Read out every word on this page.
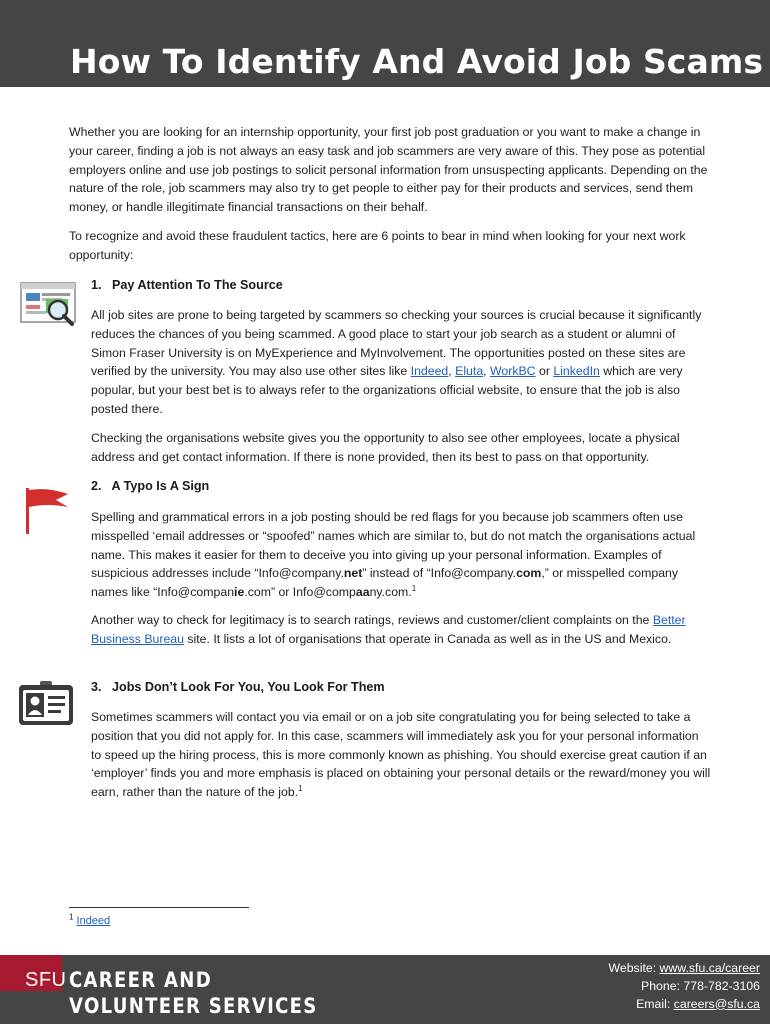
How To Identify And Avoid Job Scams

Whether you are looking for an internship opportunity, your first job post graduation or you want to make a change in your career, finding a job is not always an easy task and job scammers are very aware of this. They pose as potential employers online and use job postings to solicit personal information from unsuspecting applicants. Depending on the nature of the role, job scammers may also try to get people to either pay for their products and services, send them money, or handle illegitimate financial transactions on their behalf.

To recognize and avoid these fraudulent tactics, here are 6 points to bear in mind when looking for your next work opportunity:

1.   Pay Attention To The Source

All job sites are prone to being targeted by scammers so checking your sources is crucial because it significantly reduces the chances of you being scammed. A good place to start your job search as a student or alumni of Simon Fraser University is on MyExperience and MyInvolvement. The opportunities posted on these sites are verified by the university. You may also use other sites like Indeed, Eluta, WorkBC or LinkedIn which are very popular, but your best bet is to always refer to the organizations official website, to ensure that the job is also posted there.

Checking the organisations website gives you the opportunity to also see other employees, locate a physical address and get contact information. If there is none provided, then its best to pass on that opportunity.

2.   A Typo Is A Sign

Spelling and grammatical errors in a job posting should be red flags for you because job scammers often use misspelled ‘email addresses or “spoofed” names which are similar to, but do not match the organisations actual name. This makes it easier for them to deceive you into giving up your personal information. Examples of suspicious addresses include “Info@company.net” instead of “Info@company.com,” or misspelled company names like “Info@companie.com” or Info@compaany.com.$^1$

Another way to check for legitimacy is to search ratings, reviews and customer/client complaints on the Better Business Bureau site. It lists a lot of organisations that operate in Canada as well as in the US and Mexico.

3.   Jobs Don’t Look For You, You Look For Them

Sometimes scammers will contact you via email or on a job site congratulating you for being selected to take a position that you did not apply for. In this case, scammers will immediately ask you for your personal information to speed up the hiring process, this is more commonly known as phishing. You should exercise great caution if an ‘employer’ finds you and more emphasis is placed on obtaining your personal details or the reward/money you will earn, rather than the nature of the job.$^1$

$^1$ Indeed
SFU CAREER AND
VOLUNTEER SERVICES
Website: www.sfu.ca/career
Phone: 778-782-3106
Email: careers@sfu.ca
